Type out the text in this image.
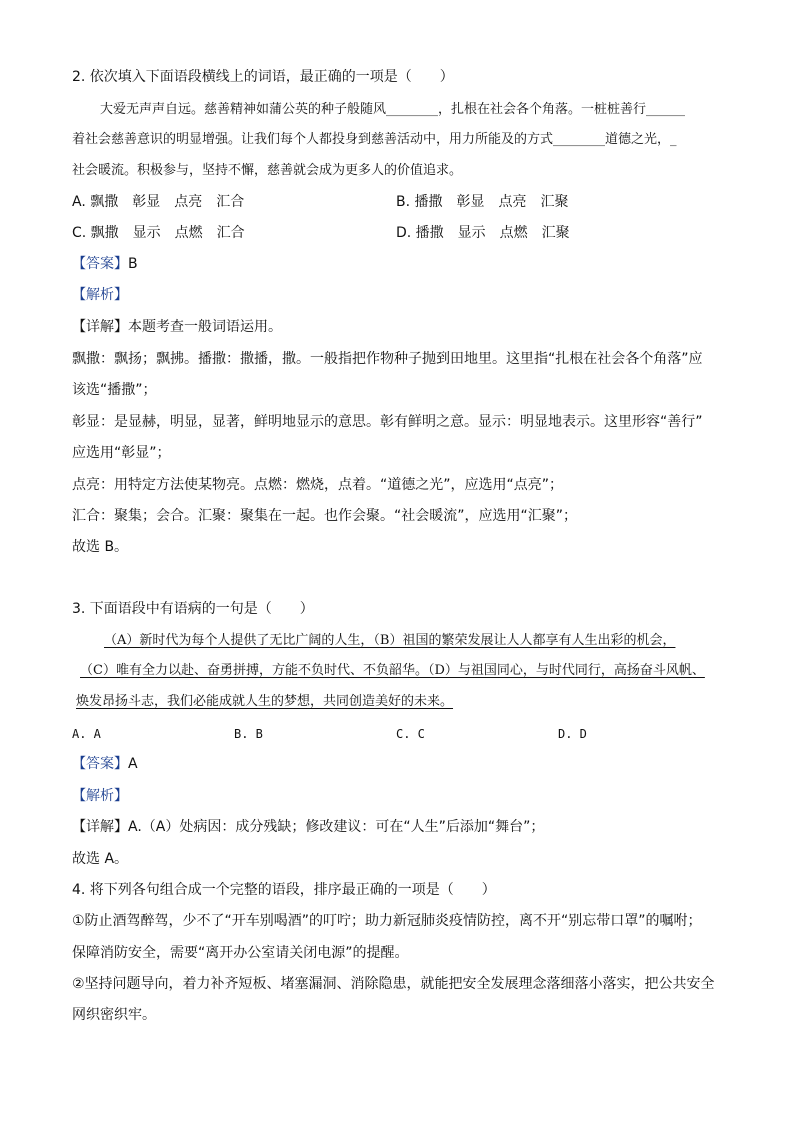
2. 依次填入下面语段横线上的词语，最正确的一项是（　　）
大爱无声声自远。慈善精神如蒲公英的种子般随风________，扎根在社会各个角落。一桩桩善行______
着社会慈善意识的明显增强。让我们每个人都投身到慈善活动中，用力所能及的方式________道德之光，_
社会暖流。积极参与，坚持不懈，慈善就会成为更多人的价值追求。
A. 飘撒　彰显　点亮　汇合	B. 播撒　彰显　点亮　汇聚
C. 飘撒　显示　点燃　汇合	D. 播撒　显示　点燃　汇聚
【答案】B
【解析】
【详解】本题考查一般词语运用。
飘撒：飘扬；飘拂。播撒：撒播，撒。一般指把作物种子抛到田地里。这里指“扎根在社会各个角落”应
该选“播撒”；
彰显：是显赫，明显，显著，鲜明地显示的意思。彰有鲜明之意。显示：明显地表示。这里形容“善行”
应选用“彰显”；
点亮：用特定方法使某物亮。点燃：燃烧，点着。“道德之光”，应选用“点亮”；
汇合：聚集；会合。汇聚：聚集在一起。也作会聚。“社会暖流”，应选用“汇聚”；
故选 B。
3. 下面语段中有语病的一句是（　　）
（A）新时代为每个人提供了无比广阔的人生，（B）祖国的繁荣发展让人人都享有人生出彩的机会，
（C）唯有全力以赴、奋勇拼搏，方能不负时代、不负韶华。（D）与祖国同心，与时代同行，高扬奋斗风帆、
焕发昂扬斗志，我们必能成就人生的梦想，共同创造美好的未来。
A. A	B. B	C. C	D. D
【答案】A
【解析】
【详解】A.（A）处病因：成分残缺；修改建议：可在“人生”后添加“舞台”；
故选 A。
4. 将下列各句组合成一个完整的语段，排序最正确的一项是（　　）
①防止酒驾醉驾，少不了“开车别喝酒”的叮咛；助力新冠肺炎疫情防控，离不开“别忘带口罩”的嘱咐；
保障消防安全，需要“离开办公室请关闭电源”的提醒。
②坚持问题导向，着力补齐短板、堵塞漏洞、消除隐患，就能把安全发展理念落细落小落实，把公共安全
网织密织牢。
